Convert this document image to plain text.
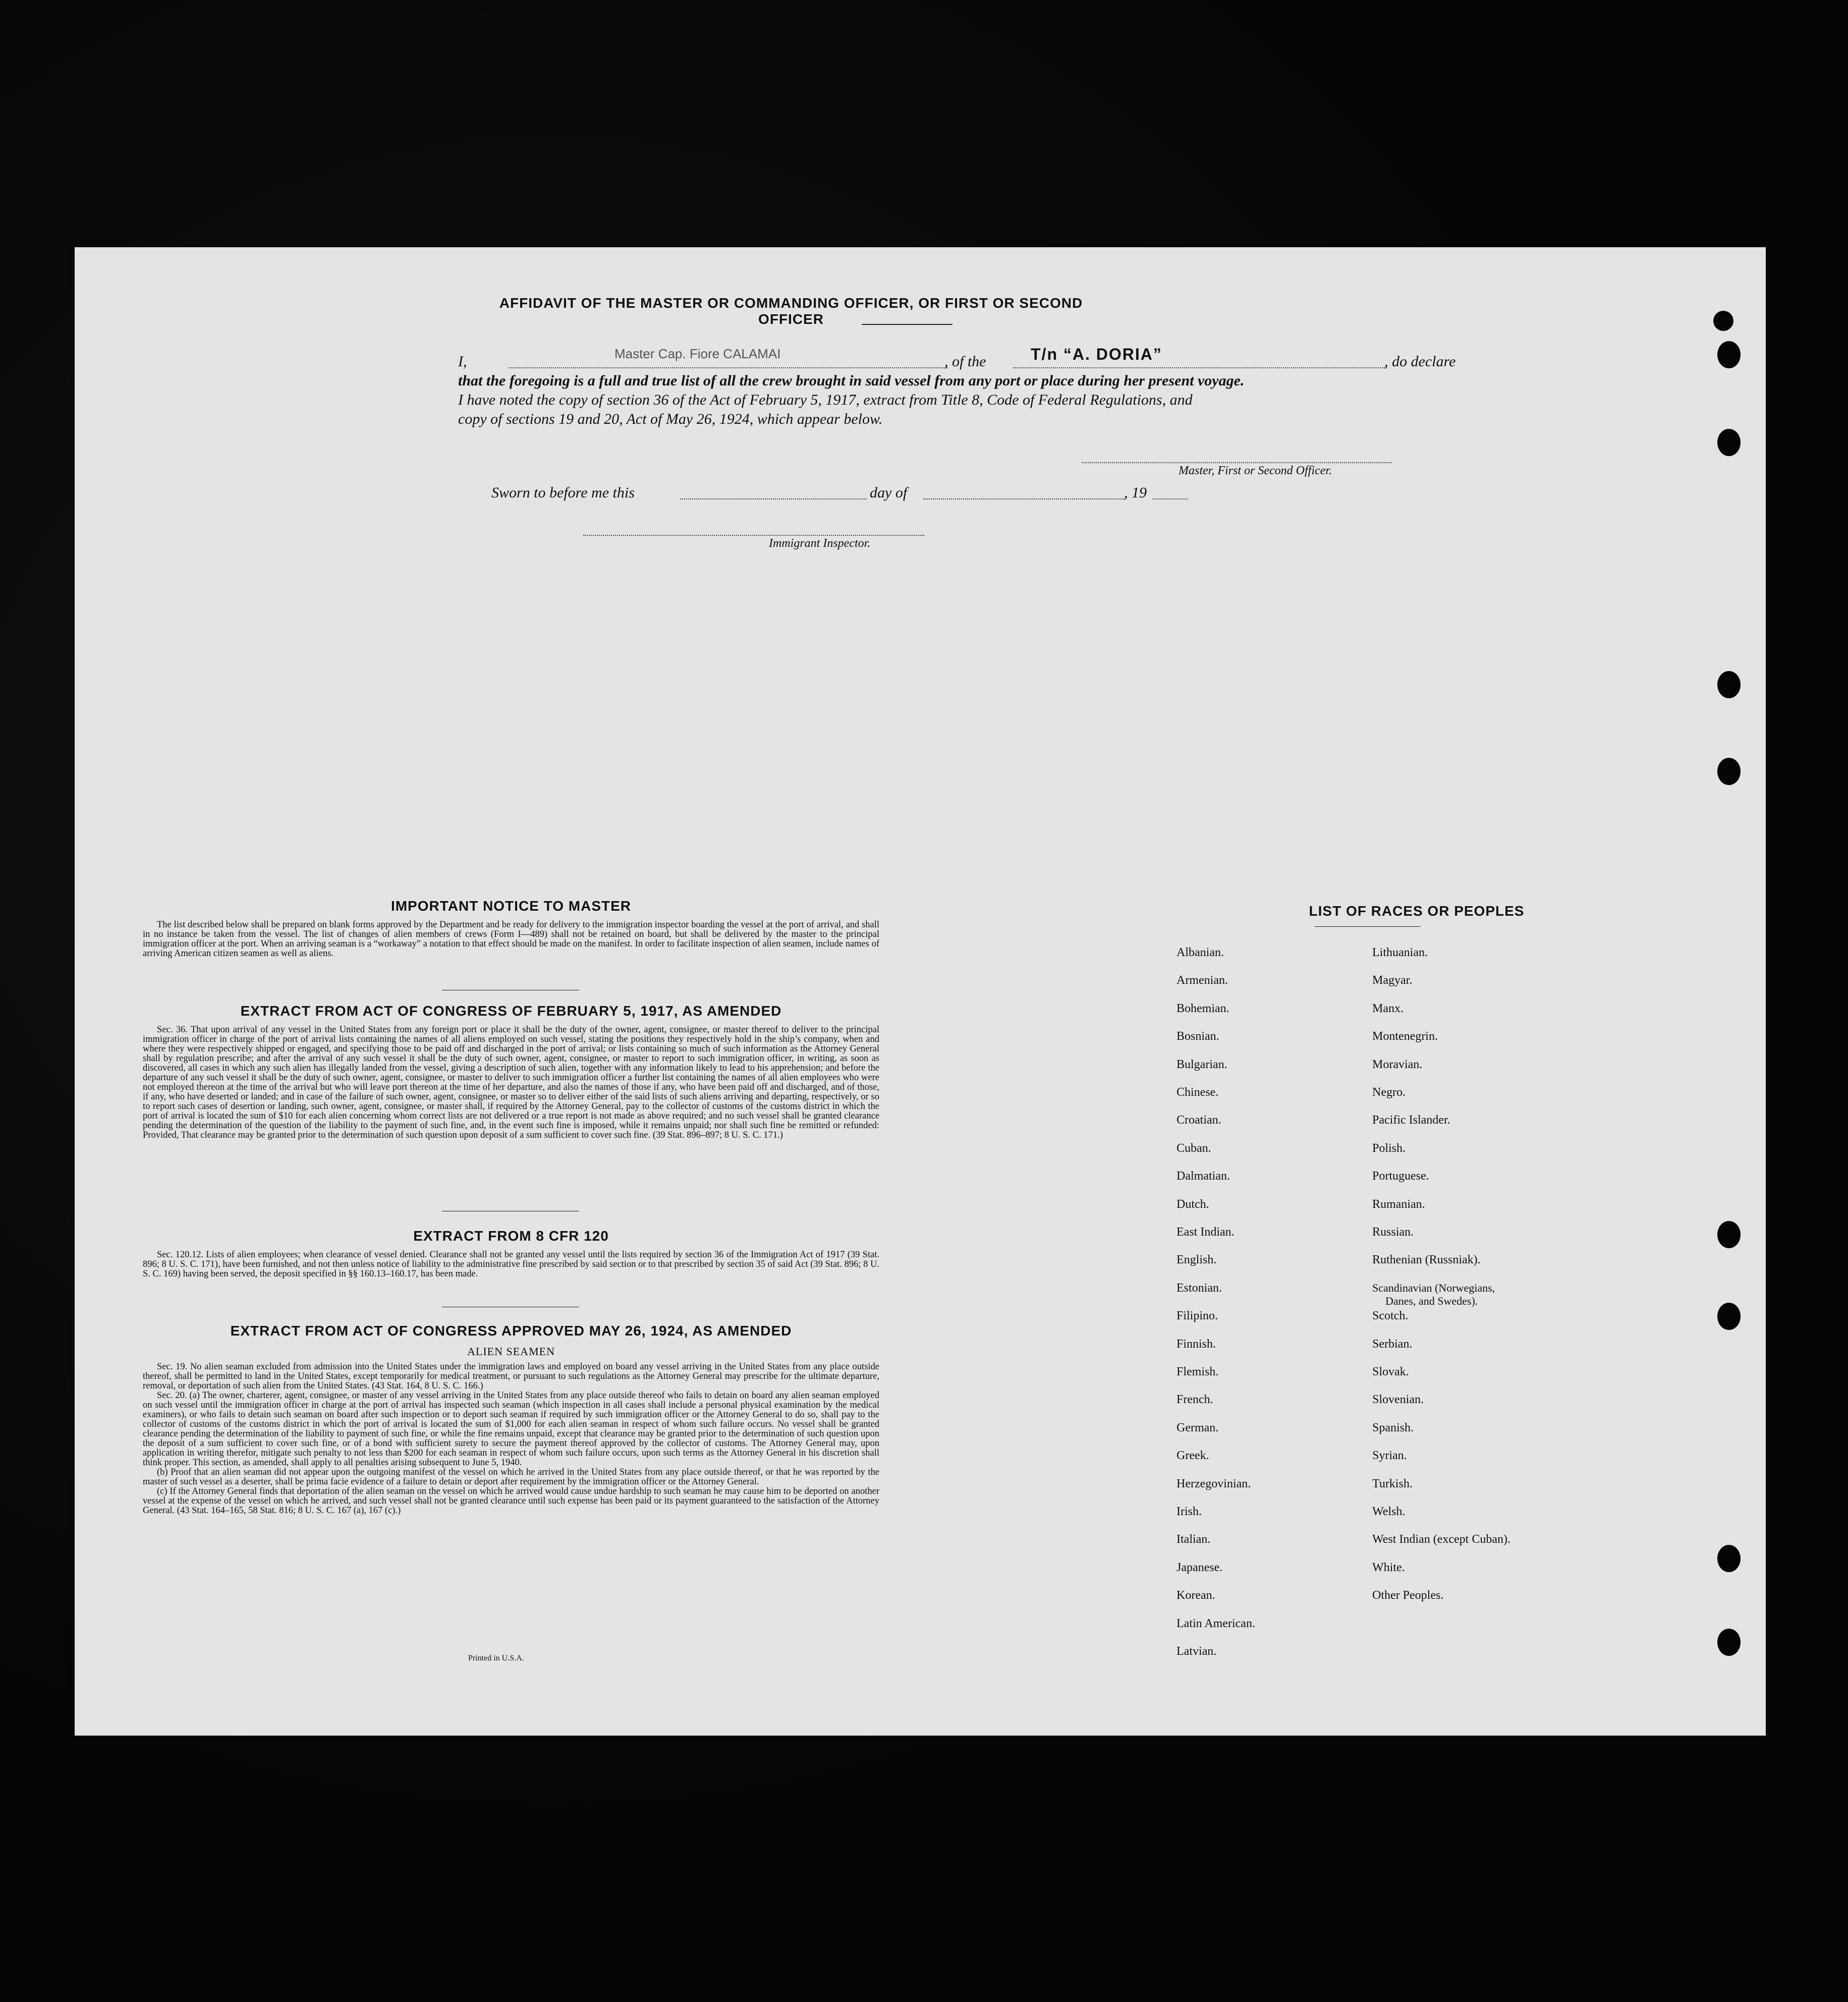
AFFIDAVIT OF THE MASTER OR COMMANDING OFFICER, OR FIRST OR SECOND OFFICER
I,	Master Cap. Fiore CALAMAI	, of the	T/n “A. DORIA”	, do declare
that the foregoing is a full and true list of all the crew brought in said vessel from any port or place during her present voyage.
I have noted the copy of section 36 of the Act of February 5, 1917, extract from Title 8, Code of Federal Regulations, and
copy of sections 19 and 20, Act of May 26, 1924, which appear below.
Master, First or Second Officer.
Sworn to before me this	day of	, 19
Immigrant Inspector.
IMPORTANT NOTICE TO MASTER

The list described below shall be prepared on blank forms approved by the Department and be ready for delivery to the immigration inspector boarding the vessel at the port of arrival, and shall in no instance be taken from the vessel. The list of changes of alien members of crews (Form I—489) shall not be retained on board, but shall be delivered by the master to the principal immigration officer at the port. When an arriving seaman is a “workaway” a notation to that effect should be made on the manifest. In order to facilitate inspection of alien seamen, include names of arriving American citizen seamen as well as aliens.

EXTRACT FROM ACT OF CONGRESS OF FEBRUARY 5, 1917, AS AMENDED

Sec. 36. That upon arrival of any vessel in the United States from any foreign port or place it shall be the duty of the owner, agent, consignee, or master thereof to deliver to the principal immigration officer in charge of the port of arrival lists containing the names of all aliens employed on such vessel, stating the positions they respectively hold in the ship’s company, when and where they were respectively shipped or engaged, and specifying those to be paid off and discharged in the port of arrival; or lists containing so much of such information as the Attorney General shall by regulation prescribe; and after the arrival of any such vessel it shall be the duty of such owner, agent, consignee, or master to report to such immigration officer, in writing, as soon as discovered, all cases in which any such alien has illegally landed from the vessel, giving a description of such alien, together with any information likely to lead to his apprehension; and before the departure of any such vessel it shall be the duty of such owner, agent, consignee, or master to deliver to such immigration officer a further list containing the names of all alien employees who were not employed thereon at the time of the arrival but who will leave port thereon at the time of her departure, and also the names of those if any, who have been paid off and discharged, and of those, if any, who have deserted or landed; and in case of the failure of such owner, agent, consignee, or master so to deliver either of the said lists of such aliens arriving and departing, respectively, or so to report such cases of desertion or landing, such owner, agent, consignee, or master shall, if required by the Attorney General, pay to the collector of customs of the customs district in which the port of arrival is located the sum of $10 for each alien concerning whom correct lists are not delivered or a true report is not made as above required; and no such vessel shall be granted clearance pending the determination of the question of the liability to the payment of such fine, and, in the event such fine is imposed, while it remains unpaid; nor shall such fine be remitted or refunded: Provided, That clearance may be granted prior to the determination of such question upon deposit of a sum sufficient to cover such fine. (39 Stat. 896–897; 8 U. S. C. 171.)

EXTRACT FROM 8 CFR 120

Sec. 120.12. Lists of alien employees; when clearance of vessel denied. Clearance shall not be granted any vessel until the lists required by section 36 of the Immigration Act of 1917 (39 Stat. 896; 8 U. S. C. 171), have been furnished, and not then unless notice of liability to the administrative fine prescribed by said section or to that prescribed by section 35 of said Act (39 Stat. 896; 8 U. S. C. 169) having been served, the deposit specified in §§ 160.13–160.17, has been made.

EXTRACT FROM ACT OF CONGRESS APPROVED MAY 26, 1924, AS AMENDED
ALIEN SEAMEN

Sec. 19. No alien seaman excluded from admission into the United States under the immigration laws and employed on board any vessel arriving in the United States from any place outside thereof, shall be permitted to land in the United States, except temporarily for medical treatment, or pursuant to such regulations as the Attorney General may prescribe for the ultimate departure, removal, or deportation of such alien from the United States. (43 Stat. 164, 8 U. S. C. 166.)

Sec. 20. (a) The owner, charterer, agent, consignee, or master of any vessel arriving in the United States from any place outside thereof who fails to detain on board any alien seaman employed on such vessel until the immigration officer in charge at the port of arrival has inspected such seaman (which inspection in all cases shall include a personal physical examination by the medical examiners), or who fails to detain such seaman on board after such inspection or to deport such seaman if required by such immigration officer or the Attorney General to do so, shall pay to the collector of customs of the customs district in which the port of arrival is located the sum of $1,000 for each alien seaman in respect of whom such failure occurs. No vessel shall be granted clearance pending the determination of the liability to payment of such fine, or while the fine remains unpaid, except that clearance may be granted prior to the determination of such question upon the deposit of a sum sufficient to cover such fine, or of a bond with sufficient surety to secure the payment thereof approved by the collector of customs. The Attorney General may, upon application in writing therefor, mitigate such penalty to not less than $200 for each seaman in respect of whom such failure occurs, upon such terms as the Attorney General in his discretion shall think proper. This section, as amended, shall apply to all penalties arising subsequent to June 5, 1940.

(b) Proof that an alien seaman did not appear upon the outgoing manifest of the vessel on which he arrived in the United States from any place outside thereof, or that he was reported by the master of such vessel as a deserter, shall be prima facie evidence of a failure to detain or deport after requirement by the immigration officer or the Attorney General.

(c) If the Attorney General finds that deportation of the alien seaman on the vessel on which he arrived would cause undue hardship to such seaman he may cause him to be deported on another vessel at the expense of the vessel on which he arrived, and such vessel shall not be granted clearance until such expense has been paid or its payment guaranteed to the satisfaction of the Attorney General. (43 Stat. 164–165, 58 Stat. 816; 8 U. S. C. 167 (a), 167 (c).)

Printed in U.S.A.
LIST OF RACES OR PEOPLES
Albanian.
Armenian.
Bohemian.
Bosnian.
Bulgarian.
Chinese.
Croatian.
Cuban.
Dalmatian.
Dutch.
East Indian.
English.
Estonian.
Filipino.
Finnish.
Flemish.
French.
German.
Greek.
Herzegovinian.
Irish.
Italian.
Japanese.
Korean.
Latin American.
Latvian.
Lithuanian.
Magyar.
Manx.
Montenegrin.
Moravian.
Negro.
Pacific Islander.
Polish.
Portuguese.
Rumanian.
Russian.
Ruthenian (Russniak).
Scandinavian (Norwegians,
Danes, and Swedes).
Scotch.
Serbian.
Slovak.
Slovenian.
Spanish.
Syrian.
Turkish.
Welsh.
West Indian (except Cuban).
White.
Other Peoples.
